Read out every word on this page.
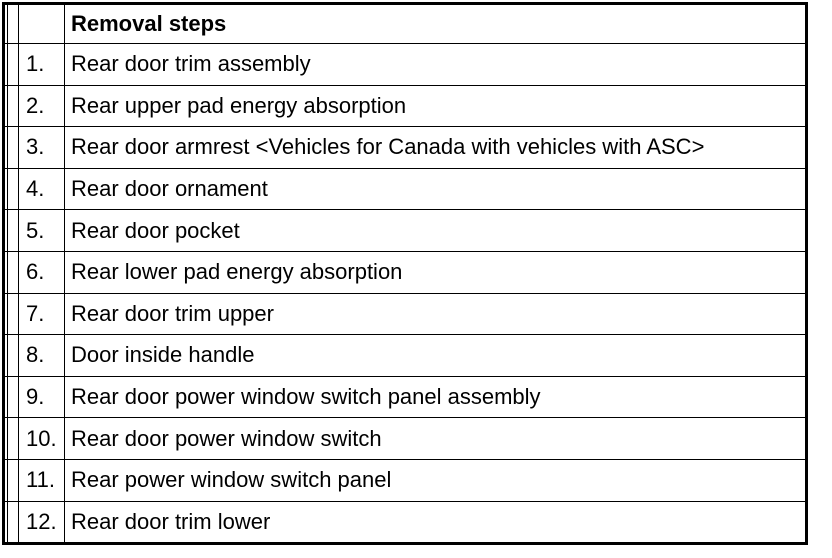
			Removal steps
		1.	Rear door trim assembly
		2.	Rear upper pad energy absorption
		3.	Rear door armrest <Vehicles for Canada with vehicles with ASC>
		4.	Rear door ornament
		5.	Rear door pocket
		6.	Rear lower pad energy absorption
		7.	Rear door trim upper
		8.	Door inside handle
		9.	Rear door power window switch panel assembly
		10.	Rear door power window switch
		11.	Rear power window switch panel
		12.	Rear door trim lower
